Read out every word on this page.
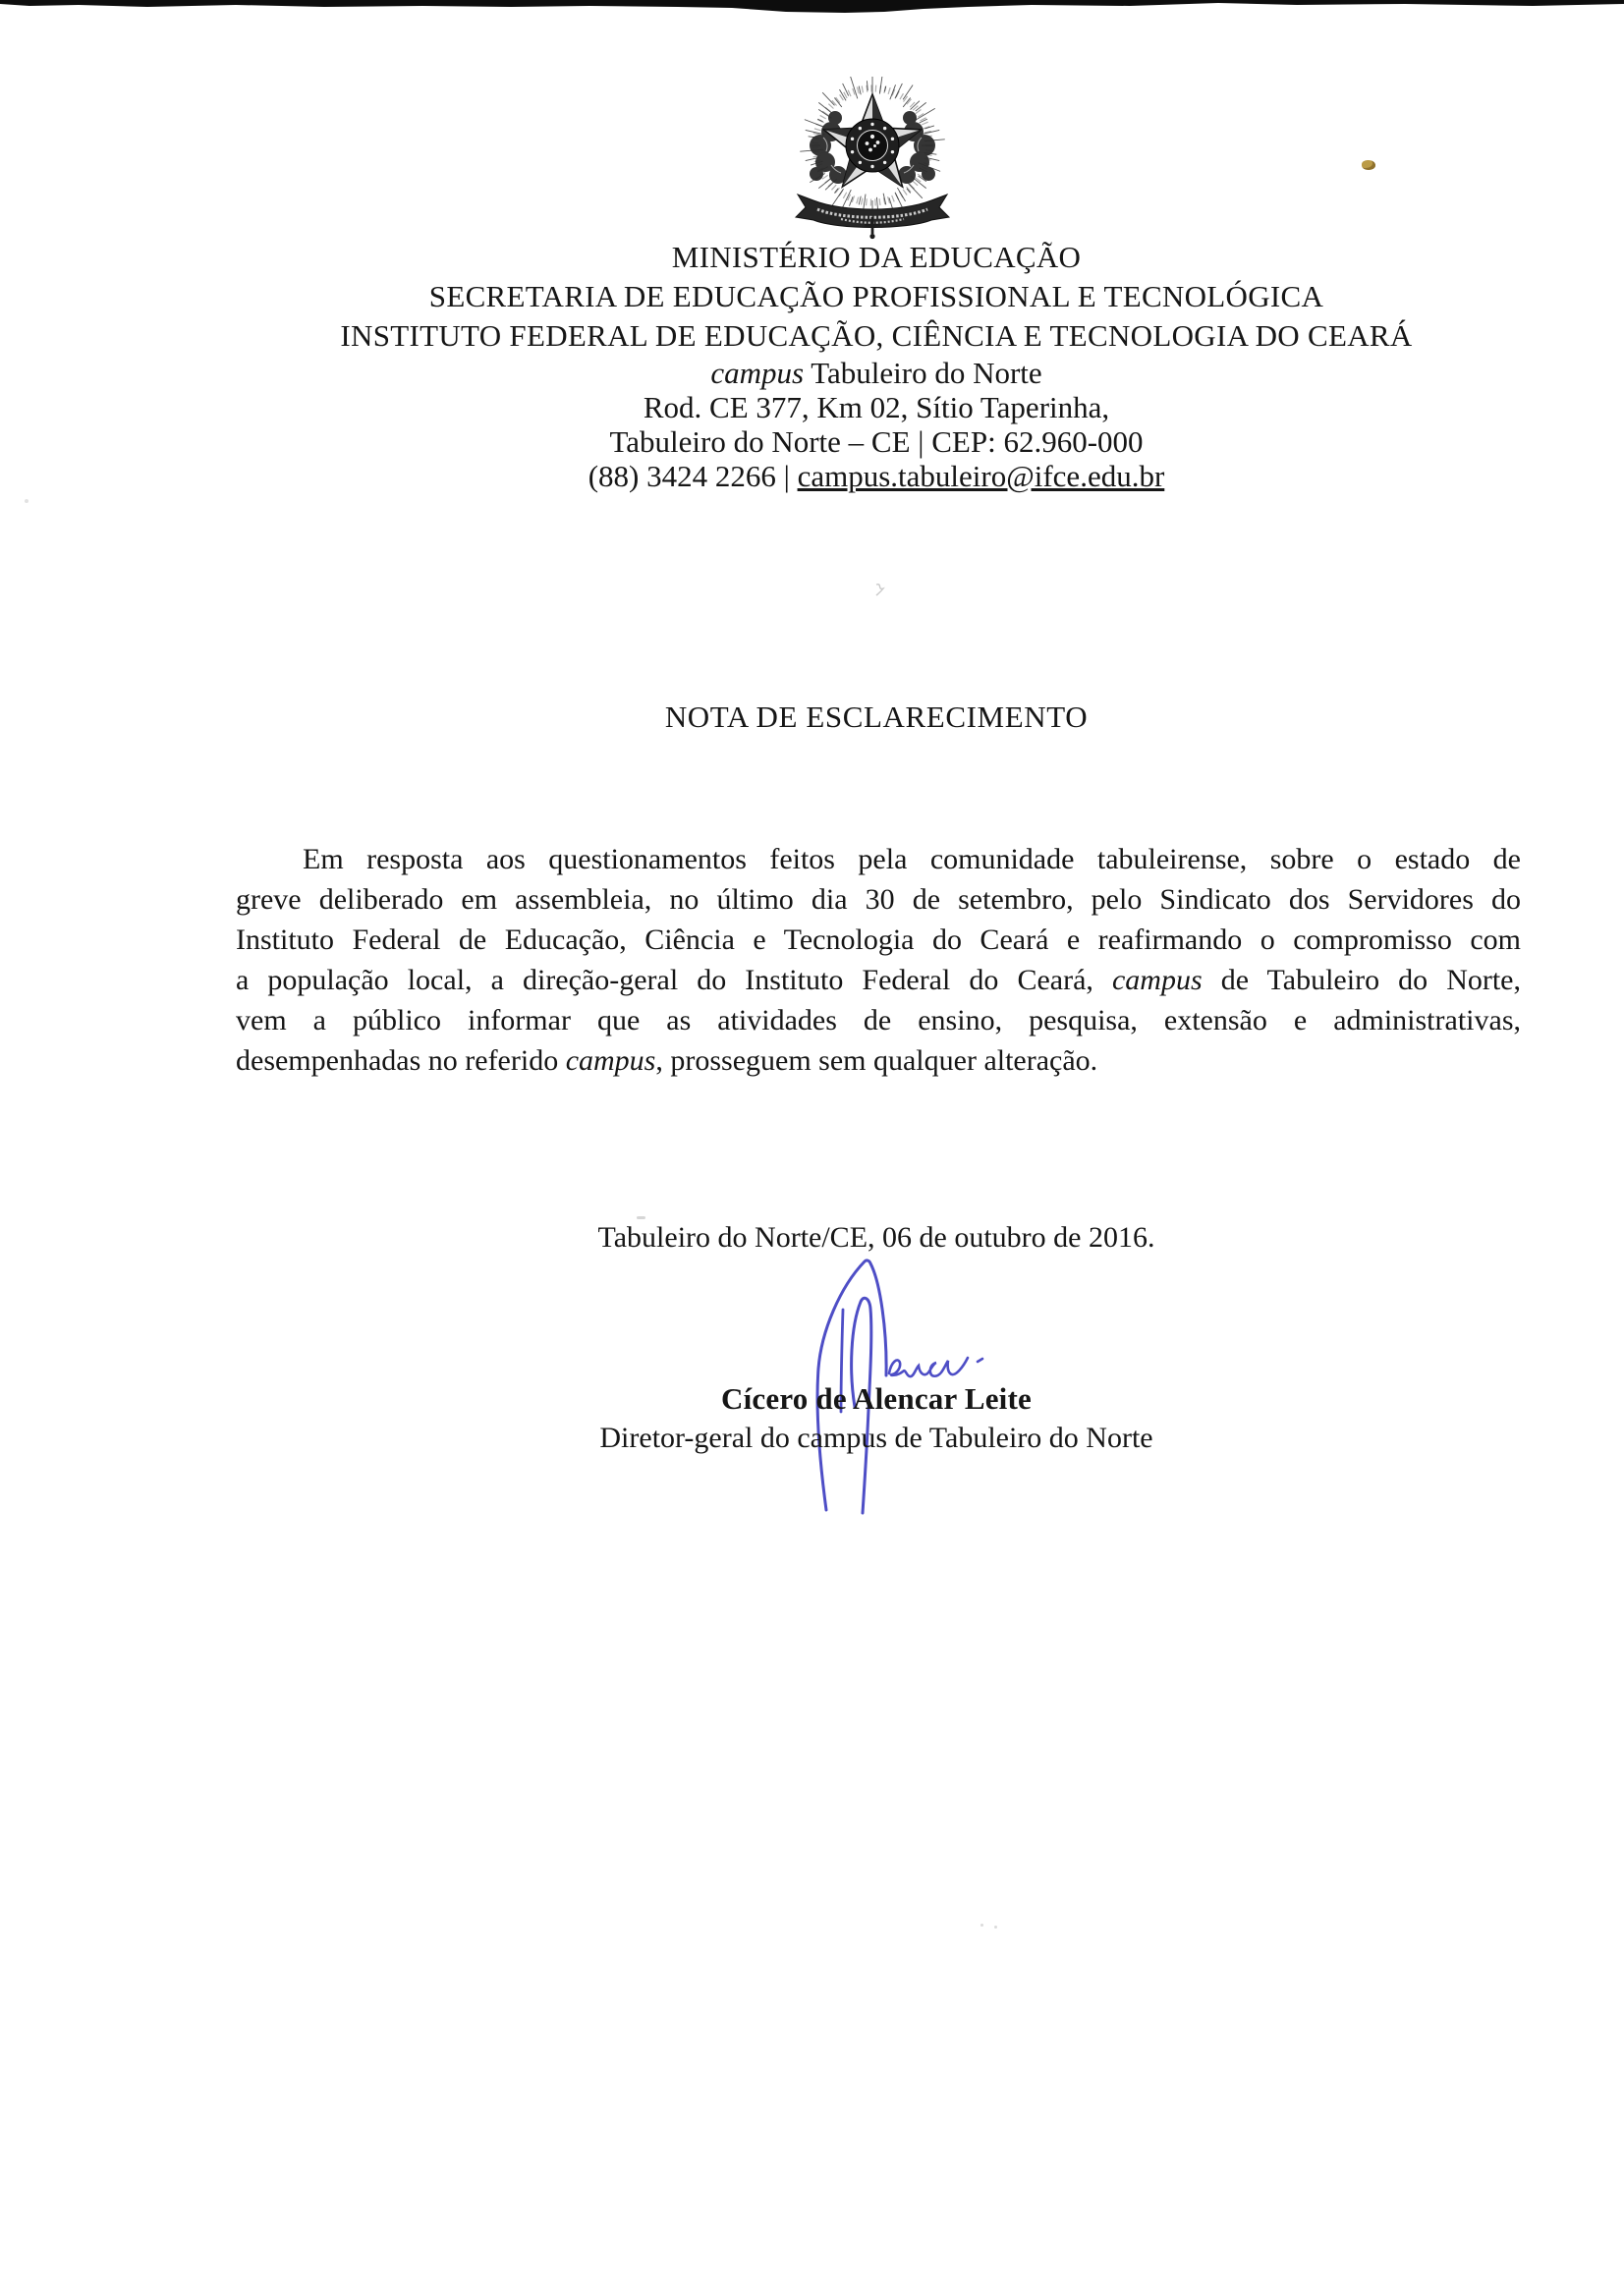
MINISTÉRIO DA EDUCAÇÃO
SECRETARIA DE EDUCAÇÃO PROFISSIONAL E TECNOLÓGICA
INSTITUTO FEDERAL DE EDUCAÇÃO, CIÊNCIA E TECNOLOGIA DO CEARÁ
campus Tabuleiro do Norte
Rod. CE 377, Km 02, Sítio Taperinha,
Tabuleiro do Norte – CE | CEP: 62.960-000
(88) 3424 2266 | campus.tabuleiro@ifce.edu.br
NOTA DE ESCLARECIMENTO
Em resposta aos questionamentos feitos pela comunidade tabuleirense, sobre o estado de
greve deliberado em assembleia, no último dia 30 de setembro, pelo Sindicato dos Servidores do
Instituto Federal de Educação, Ciência e Tecnologia do Ceará e reafirmando o compromisso com
a população local, a direção-geral do Instituto Federal do Ceará, campus de Tabuleiro do Norte,
vem a público informar que as atividades de ensino, pesquisa, extensão e administrativas,
desempenhadas no referido campus, prosseguem sem qualquer alteração.
Tabuleiro do Norte/CE, 06 de outubro de 2016.
Cícero de Alencar Leite
Diretor-geral do campus de Tabuleiro do Norte
